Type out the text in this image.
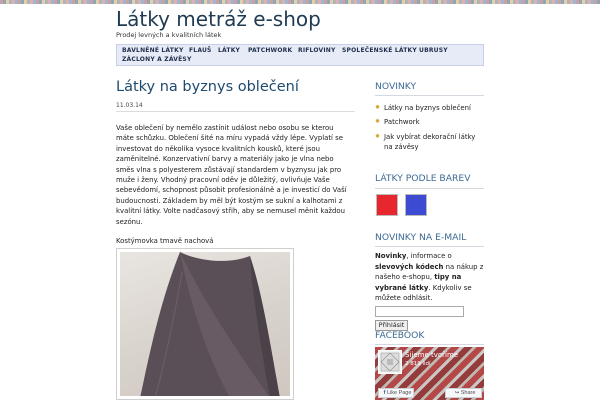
Látky metráž e-shop
Prodej levných a kvalitních látek
BAVLNĚNÉ LÁTKY FLAUŠ LÁTKY PATCHWORK RIFLOVINY SPOLEČENSKÉ LÁTKY UBRUSY
ZÁCLONY A ZÁVĚSY
Látky na byznys oblečení
11.03.14

Vaše oblečení by nemělo zastínit událost nebo osobu se kterou máte schůzku. Oblečení šité na míru vypadá vždy lépe. Vyplatí se investovat do několika vysoce kvalitních kousků, které jsou zaměnitelné. Konzervativní barvy a materiály jako je vlna nebo směs vlna s polyesterem zůstávají standardem v byznysu jak pro muže i ženy. Vhodný pracovní oděv je důležitý, ovlivňuje Vaše sebevědomí, schopnost působit profesionálně a je investicí do Vaší budoucnosti. Základem by měl být kostým se sukní a kalhotami z kvalitní látky. Volte nadčasový střih, aby se nemusel měnit každou sezónu.

Kostýmovka tmavě nachová
NOVINKY
✸ Látky na byznys oblečení
✸ Patchwork
✸ Jak vybírat dekorační látky na závěsy
LÁTKY PODLE BAREV
NOVINKY NA E-MAIL
Novinky, informace o slevových kódech na nákup z našeho e-shopu, tipy na vybrané látky. Kdykoliv se můžete odhlásit.
Přihlásit
FACEBOOK
Šijeme tvoříme
2 819 lidí
f Like Page	↪ Share
